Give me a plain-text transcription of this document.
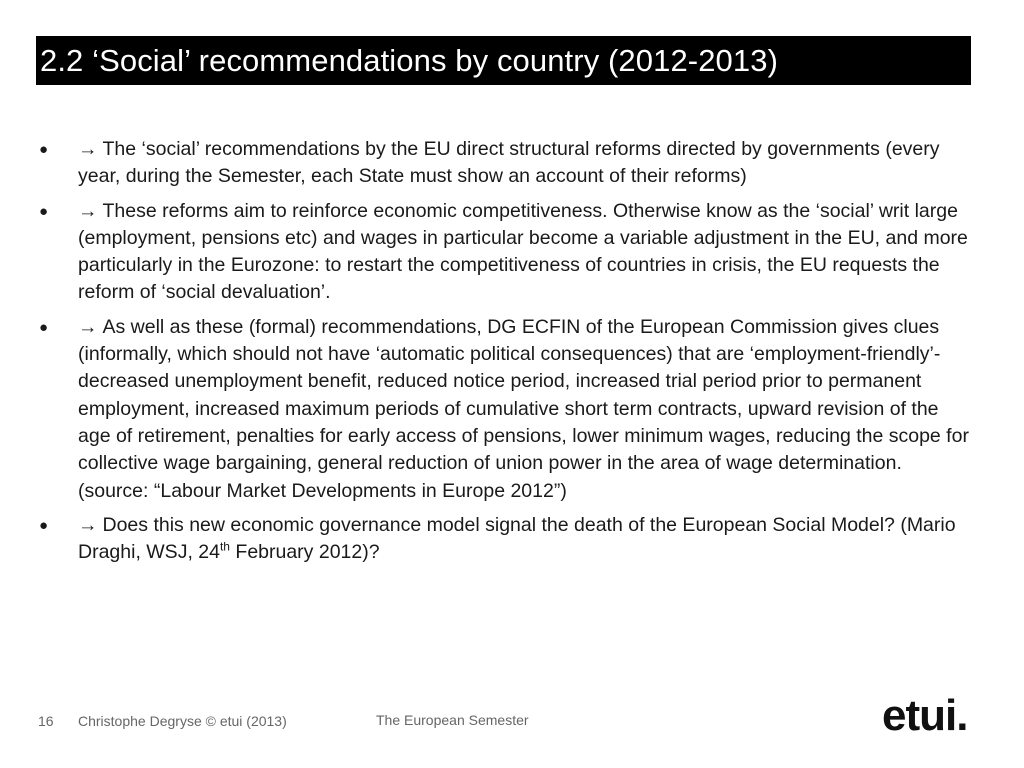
2.2 ‘Social’ recommendations by country (2012-2013)
● → The ‘social’ recommendations by the EU direct structural reforms directed by governments (every year, during the Semester, each State must show an account of their reforms)
● → These reforms aim to reinforce economic competitiveness. Otherwise know as the ‘social’ writ large (employment, pensions etc) and wages in particular become a variable adjustment in the EU, and more particularly in the Eurozone: to restart the competitiveness of countries in crisis, the EU requests the reform of ‘social devaluation’.
● → As well as these (formal) recommendations, DG ECFIN of the European Commission gives clues (informally, which should not have ‘automatic political consequences) that are ‘employment-friendly’- decreased unemployment benefit, reduced notice period, increased trial period prior to permanent employment, increased maximum periods of cumulative short term contracts, upward revision of the age of retirement, penalties for early access of pensions, lower minimum wages, reducing the scope for collective wage bargaining, general reduction of union power in the area of wage determination. (source: “Labour Market Developments in Europe 2012”)
● → Does this new economic governance model signal the death of the European Social Model? (Mario Draghi, WSJ, 24th February 2012)?
16 Christophe Degryse © etui (2013)	The European Semester	etui.
